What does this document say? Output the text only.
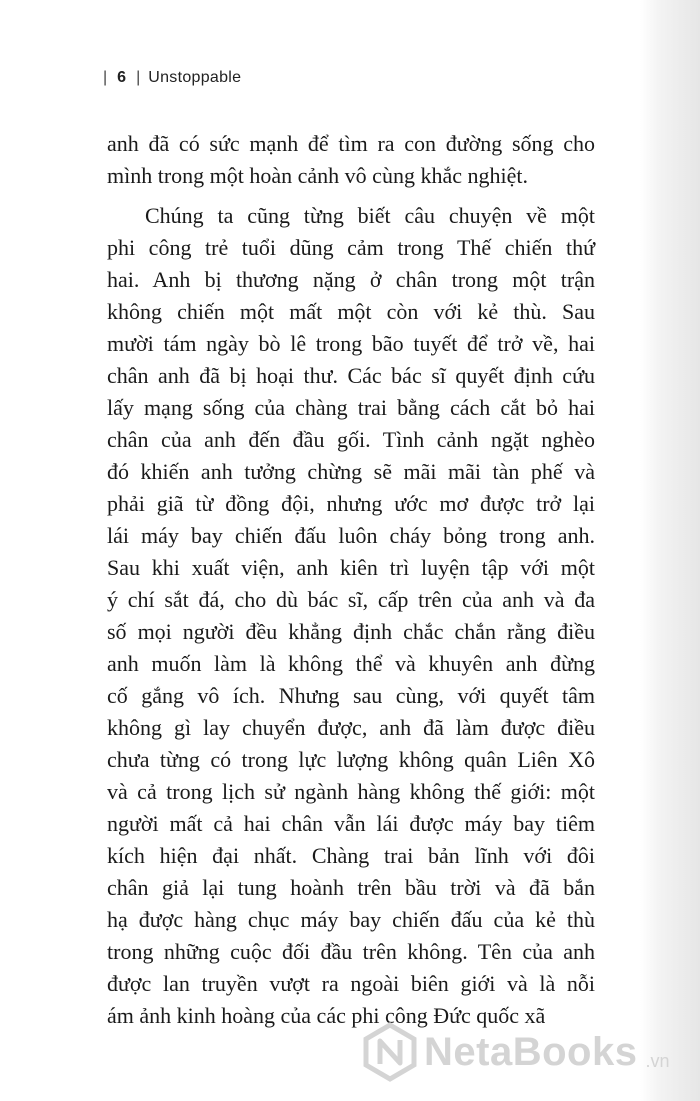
| 6 | Unstoppable
anh đã có sức mạnh để tìm ra con đường sống cho
mình trong một hoàn cảnh vô cùng khắc nghiệt.
Chúng ta cũng từng biết câu chuyện về một
phi công trẻ tuổi dũng cảm trong Thế chiến thứ
hai. Anh bị thương nặng ở chân trong một trận
không chiến một mất một còn với kẻ thù. Sau
mười tám ngày bò lê trong bão tuyết để trở về, hai
chân anh đã bị hoại thư. Các bác sĩ quyết định cứu
lấy mạng sống của chàng trai bằng cách cắt bỏ hai
chân của anh đến đầu gối. Tình cảnh ngặt nghèo
đó khiến anh tưởng chừng sẽ mãi mãi tàn phế và
phải giã từ đồng đội, nhưng ước mơ được trở lại
lái máy bay chiến đấu luôn cháy bỏng trong anh.
Sau khi xuất viện, anh kiên trì luyện tập với một
ý chí sắt đá, cho dù bác sĩ, cấp trên của anh và đa
số mọi người đều khẳng định chắc chắn rằng điều
anh muốn làm là không thể và khuyên anh đừng
cố gắng vô ích. Nhưng sau cùng, với quyết tâm
không gì lay chuyển được, anh đã làm được điều
chưa từng có trong lực lượng không quân Liên Xô
và cả trong lịch sử ngành hàng không thế giới: một
người mất cả hai chân vẫn lái được máy bay tiêm
kích hiện đại nhất. Chàng trai bản lĩnh với đôi
chân giả lại tung hoành trên bầu trời và đã bắn
hạ được hàng chục máy bay chiến đấu của kẻ thù
trong những cuộc đối đầu trên không. Tên của anh
được lan truyền vượt ra ngoài biên giới và là nỗi
ám ảnh kinh hoàng của các phi công Đức quốc xã
NetaBooks .vn
